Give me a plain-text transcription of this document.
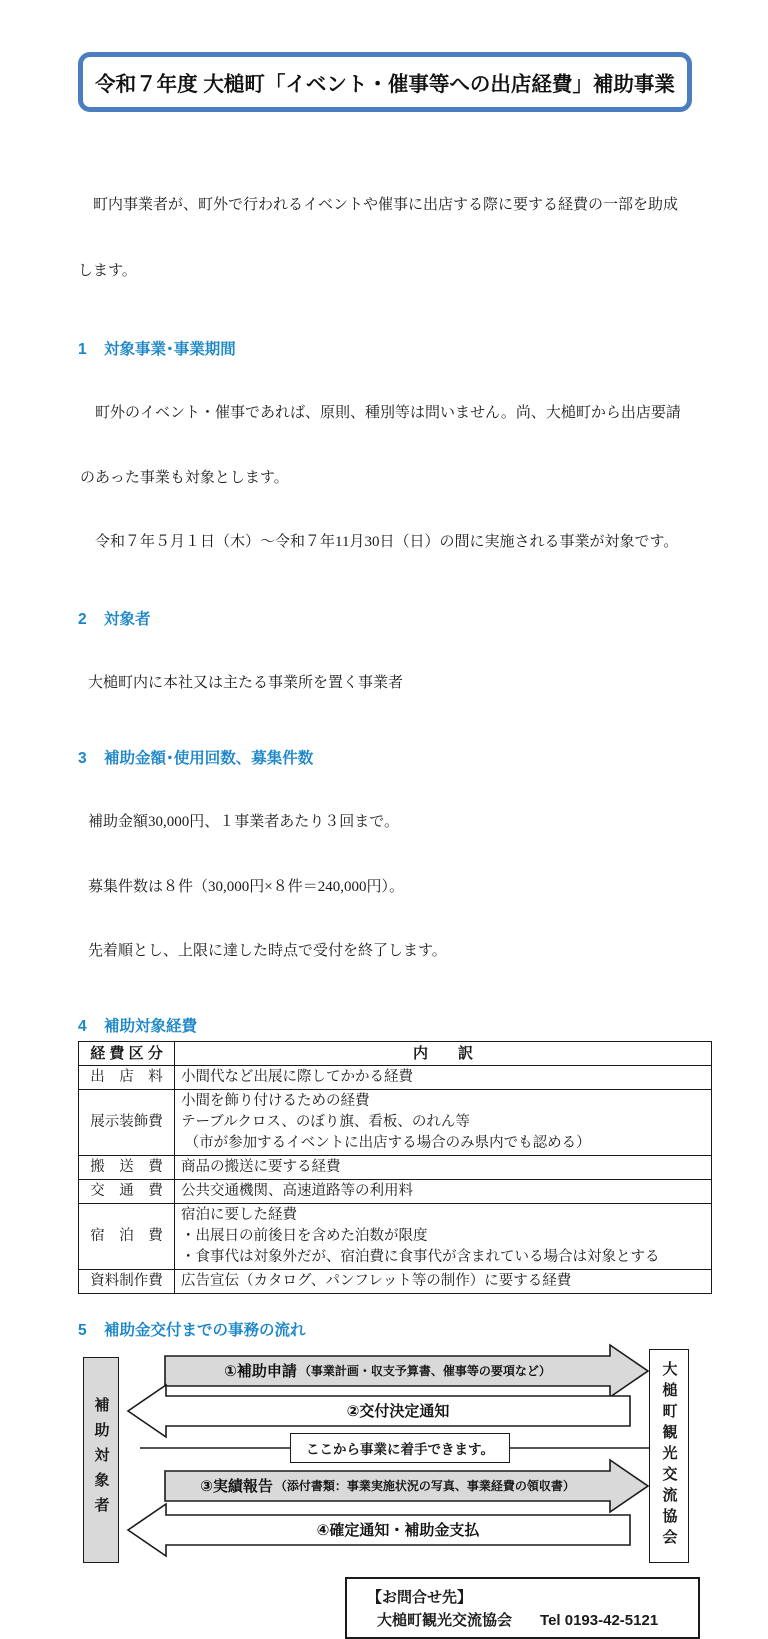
令和７年度 大槌町「イベント・催事等への出店経費」補助事業

　町内事業者が、町外で行われるイベントや催事に出店する際に要する経費の一部を助成

します。

1 対象事業･事業期間

　町外のイベント・催事であれば、原則、種別等は問いません。尚、大槌町から出店要請

のあった事業も対象とします。

　令和７年５月１日（木）～令和７年11月30日（日）の間に実施される事業が対象です。

2 対象者

大槌町内に本社又は主たる事業所を置く事業者

3 補助金額･使用回数、募集件数

補助金額30,000円、１事業者あたり３回まで。

募集件数は８件（30,000円×８件＝240,000円）。

先着順とし、上限に達した時点で受付を終了します。

4 補助対象経費
経 費 区 分	内　　訳
出　店　料	小間代など出展に際してかかる経費

展示装飾費	小間を飾り付けるための経費
テーブルクロス、のぼり旗、看板、のれん等
（市が参加するイベントに出店する場合のみ県内でも認める）

搬　送　費	商品の搬送に要する経費

交　通　費	公共交通機関、高速道路等の利用料

宿　泊　費	宿泊に要した経費
・出展日の前後日を含めた泊数が限度
・食事代は対象外だが、宿泊費に食事代が含まれている場合は対象とする

資料制作費	広告宣伝（カタログ、パンフレット等の制作）に要する経費
5 補助金交付までの事務の流れ
補助対象者	大槌町観光交流協会
①補助申請 （事業計画・収支予算書、催事等の要項など）
②交付決定通知
ここから事業に着手できます。
③実績報告 （添付書類：事業実施状況の写真、事業経費の領収書）
④確定通知・補助金支払
【お問合せ先】
大槌町観光交流協会 Tel 0193-42-5121
